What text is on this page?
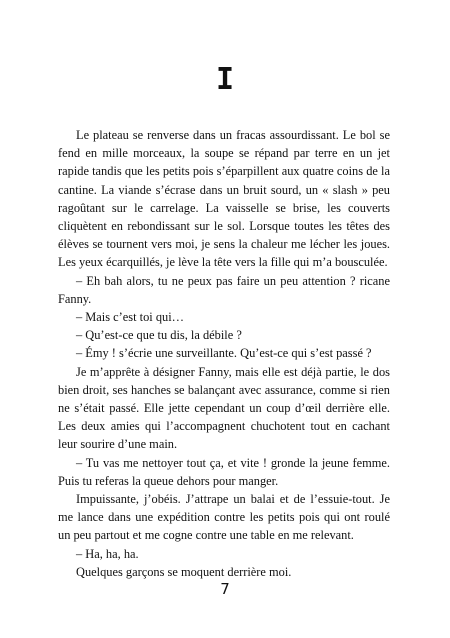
I

Le plateau se renverse dans un fracas assourdissant. Le bol se fend en mille morceaux, la soupe se répand par terre en un jet rapide tandis que les petits pois s’éparpillent aux quatre coins de la cantine. La viande s’écrase dans un bruit sourd, un « slash » peu ragoûtant sur le carrelage. La vaisselle se brise, les couverts cliquètent en rebondissant sur le sol. Lorsque toutes les têtes des élèves se tournent vers moi, je sens la chaleur me lécher les joues. Les yeux écarquillés, je lève la tête vers la fille qui m’a bousculée.

– Eh bah alors, tu ne peux pas faire un peu attention ? ricane Fanny.

– Mais c’est toi qui…

– Qu’est-ce que tu dis, la débile ?

– Émy ! s’écrie une surveillante. Qu’est-ce qui s’est passé ?

Je m’apprête à désigner Fanny, mais elle est déjà partie, le dos bien droit, ses hanches se balançant avec assurance, comme si rien ne s’était passé. Elle jette cependant un coup d’œil derrière elle. Les deux amies qui l’accompagnent chuchotent tout en cachant leur sourire d’une main.

– Tu vas me nettoyer tout ça, et vite ! gronde la jeune femme. Puis tu referas la queue dehors pour manger.

Impuissante, j’obéis. J’attrape un balai et de l’essuie-tout. Je me lance dans une expédition contre les petits pois qui ont roulé un peu partout et me cogne contre une table en me relevant.

– Ha, ha, ha.

Quelques garçons se moquent derrière moi.

7
